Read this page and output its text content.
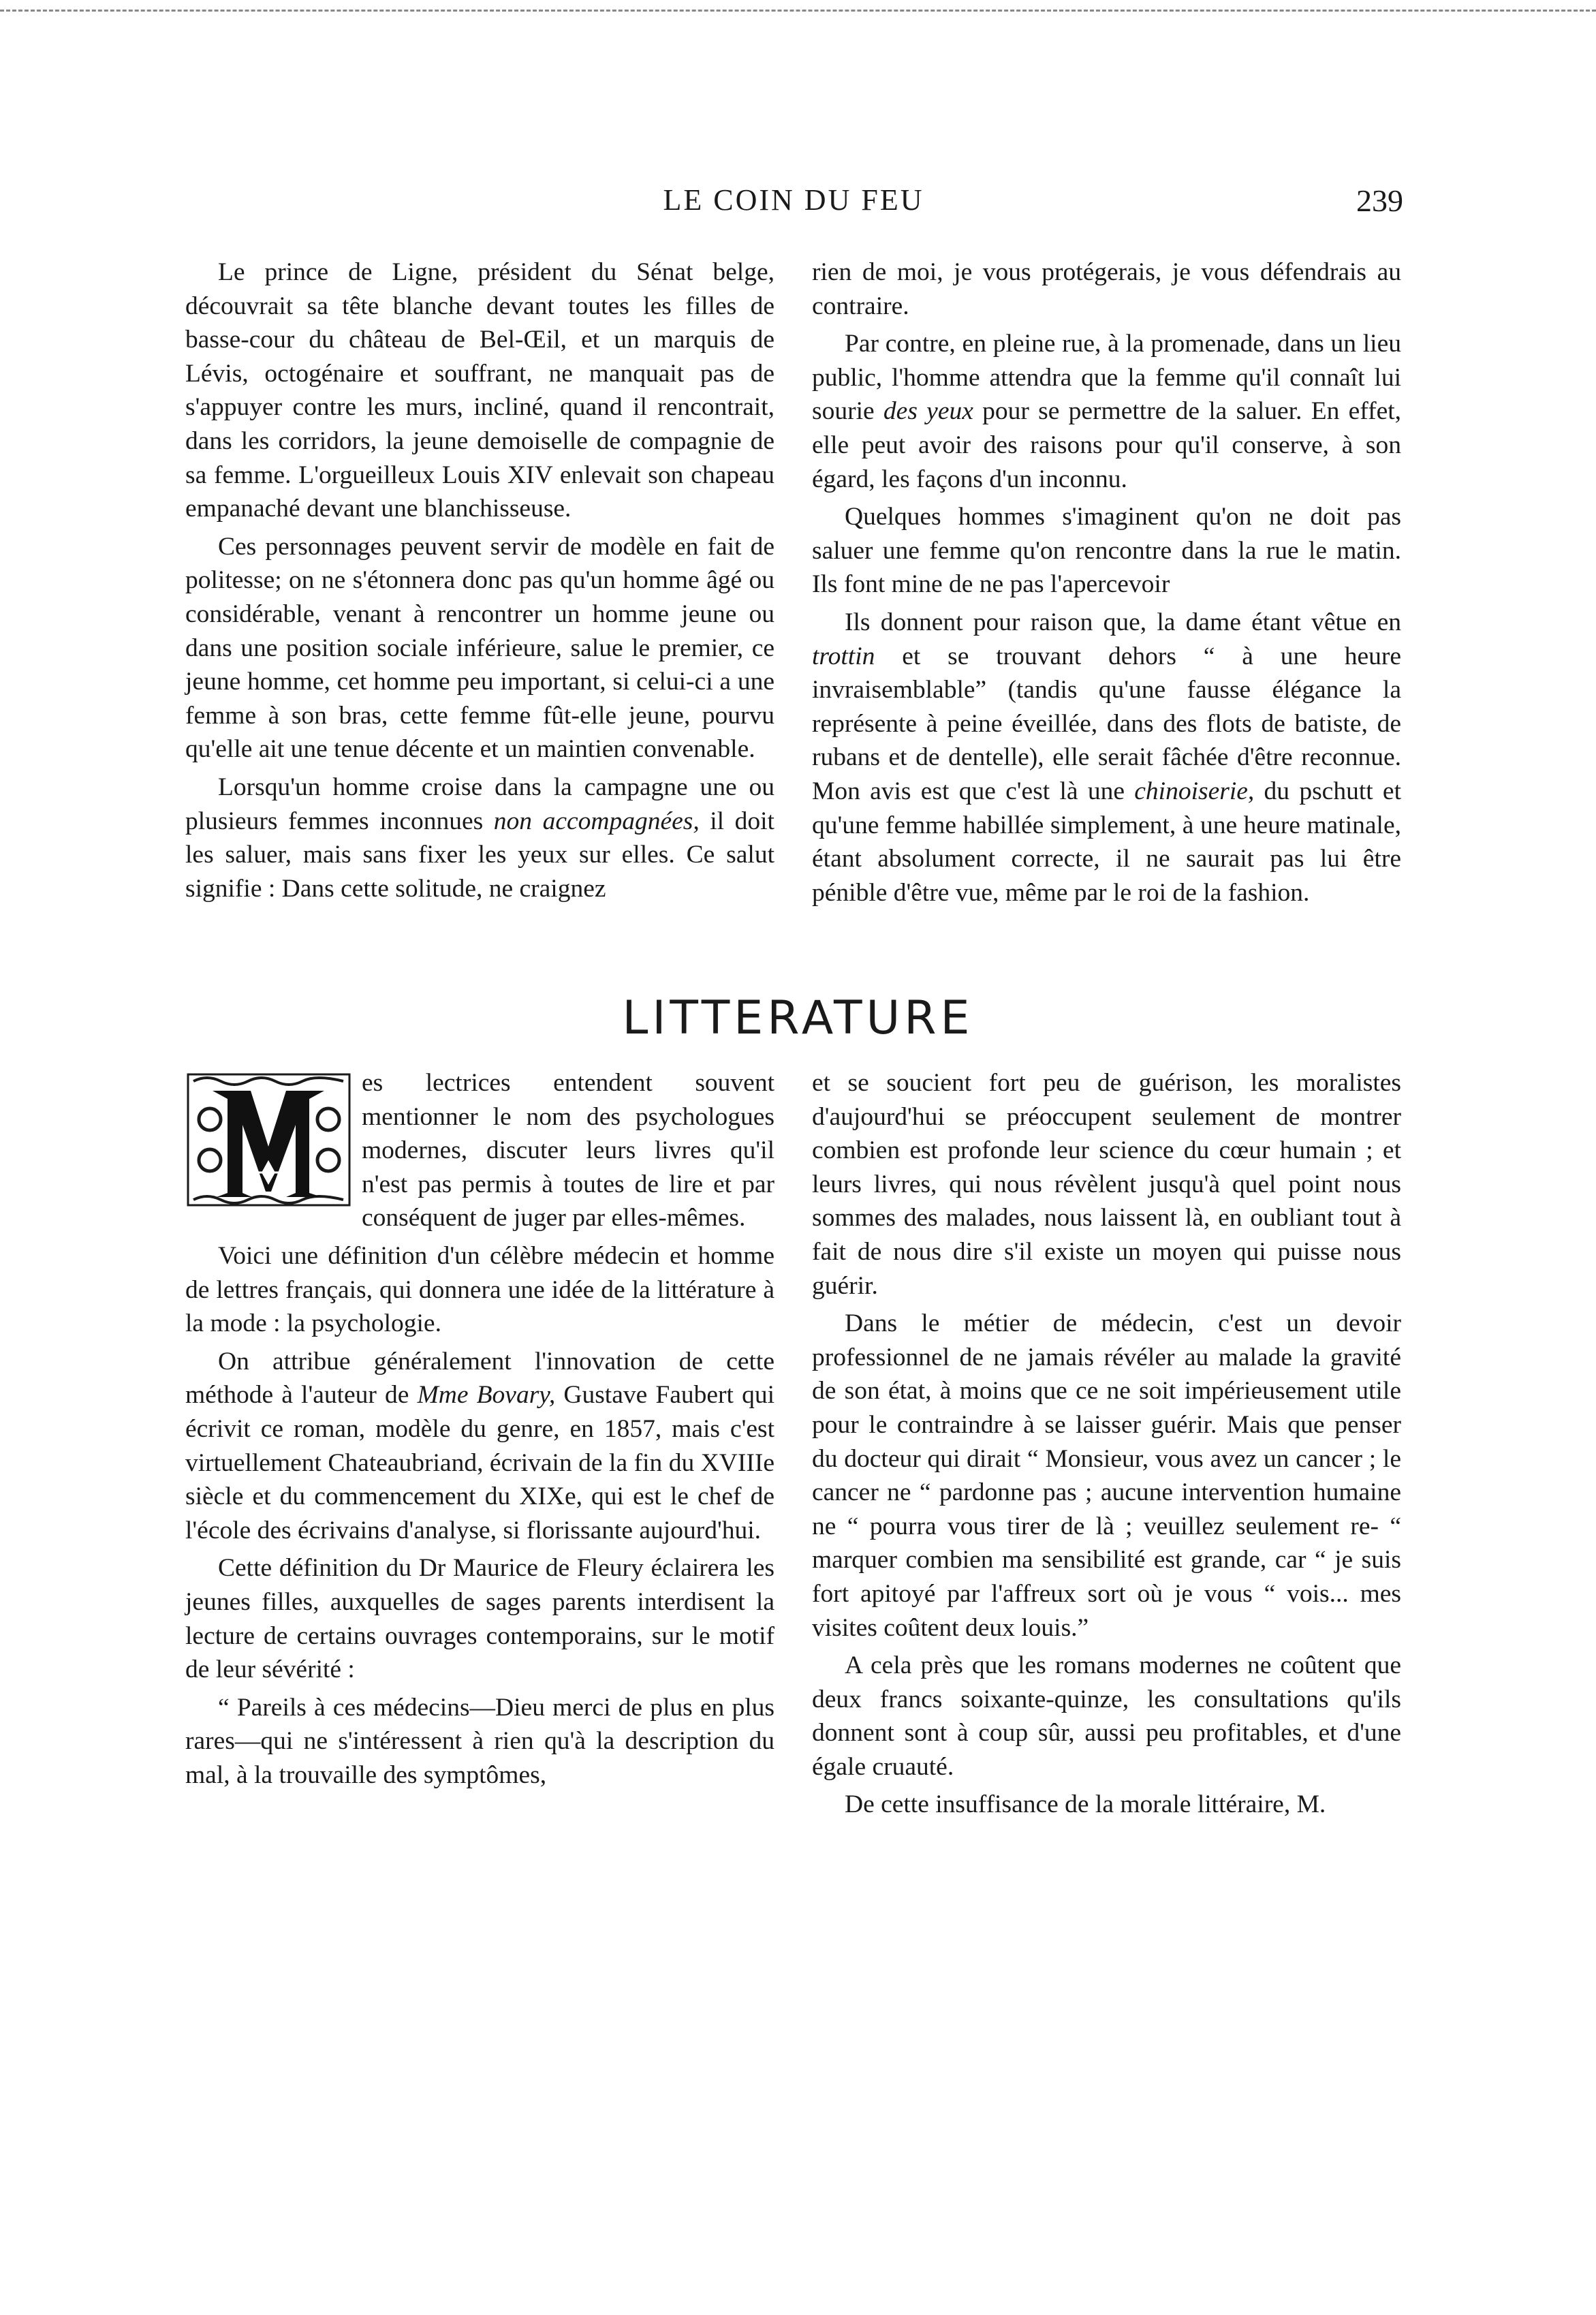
LE COIN DU FEU	239

Le prince de Ligne, président du Sénat belge, découvrait sa tête blanche devant toutes les filles de basse-cour du château de Bel-Œil, et un marquis de Lévis, octogénaire et souffrant, ne manquait pas de s'appuyer contre les murs, incliné, quand il rencontrait, dans les corridors, la jeune demoiselle de compagnie de sa femme. L'orgueilleux Louis XIV enlevait son chapeau empanaché devant une blanchisseuse.

Ces personnages peuvent servir de modèle en fait de politesse; on ne s'étonnera donc pas qu'un homme âgé ou considérable, venant à rencontrer un homme jeune ou dans une position sociale inférieure, salue le premier, ce jeune homme, cet homme peu important, si celui-ci a une femme à son bras, cette femme fût-elle jeune, pourvu qu'elle ait une tenue décente et un maintien convenable.

Lorsqu'un homme croise dans la campagne une ou plusieurs femmes inconnues non accompagnées, il doit les saluer, mais sans fixer les yeux sur elles. Ce salut signifie : Dans cette solitude, ne craignez

rien de moi, je vous protégerais, je vous défendrais au contraire.

Par contre, en pleine rue, à la promenade, dans un lieu public, l'homme attendra que la femme qu'il connaît lui sourie des yeux pour se permettre de la saluer. En effet, elle peut avoir des raisons pour qu'il conserve, à son égard, les façons d'un inconnu.

Quelques hommes s'imaginent qu'on ne doit pas saluer une femme qu'on rencontre dans la rue le matin. Ils font mine de ne pas l'apercevoir

Ils donnent pour raison que, la dame étant vêtue en trottin et se trouvant dehors “ à une heure invraisemblable” (tandis qu'une fausse élégance la représente à peine éveillée, dans des flots de batiste, de rubans et de dentelle), elle serait fâchée d'être reconnue. Mon avis est que c'est là une chinoiserie, du pschutt et qu'une femme habillée simplement, à une heure matinale, étant absolument correcte, il ne saurait pas lui être pénible d'être vue, même par le roi de la fashion.

LITTERATURE

es lectrices entendent souvent mentionner le nom des psychologues modernes, discuter leurs livres qu'il n'est pas permis à toutes de lire et par conséquent de juger par elles-mêmes.

Voici une définition d'un célèbre médecin et homme de lettres français, qui donnera une idée de la littérature à la mode : la psychologie.

On attribue généralement l'innovation de cette méthode à l'auteur de Mme Bovary, Gustave Faubert qui écrivit ce roman, modèle du genre, en 1857, mais c'est virtuellement Chateaubriand, écrivain de la fin du XVIIIe siècle et du commencement du XIXe, qui est le chef de l'école des écrivains d'analyse, si florissante aujourd'hui.

Cette définition du Dr Maurice de Fleury éclairera les jeunes filles, auxquelles de sages parents interdisent la lecture de certains ouvrages contemporains, sur le motif de leur sévérité :

“ Pareils à ces médecins—Dieu merci de plus en plus rares—qui ne s'intéressent à rien qu'à la description du mal, à la trouvaille des symptômes,

et se soucient fort peu de guérison, les moralistes d'aujourd'hui se préoccupent seulement de montrer combien est profonde leur science du cœur humain ; et leurs livres, qui nous révèlent jusqu'à quel point nous sommes des malades, nous laissent là, en oubliant tout à fait de nous dire s'il existe un moyen qui puisse nous guérir.

Dans le métier de médecin, c'est un devoir professionnel de ne jamais révéler au malade la gravité de son état, à moins que ce ne soit impérieusement utile pour le contraindre à se laisser guérir. Mais que penser du docteur qui dirait “ Monsieur, vous avez un cancer ; le cancer ne “ pardonne pas ; aucune intervention humaine ne “ pourra vous tirer de là ; veuillez seulement re- “ marquer combien ma sensibilité est grande, car “ je suis fort apitoyé par l'affreux sort où je vous “ vois... mes visites coûtent deux louis.”

A cela près que les romans modernes ne coûtent que deux francs soixante-quinze, les consultations qu'ils donnent sont à coup sûr, aussi peu profitables, et d'une égale cruauté.

De cette insuffisance de la morale littéraire, M.
